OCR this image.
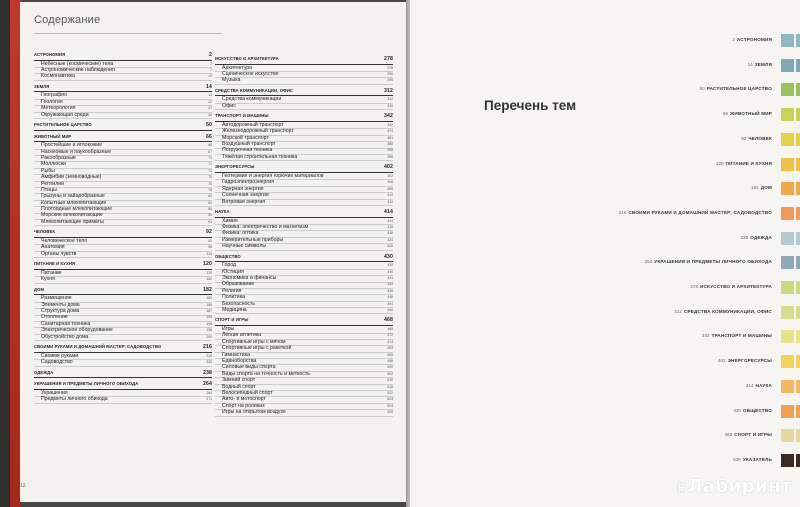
Содержание
АСТРОНОМИЯ	2
Небесные (космические) тела	2
Астрономические наблюдения	7
Космонавтика	10
ЗЕМЛЯ	14
География	14
Геология	22
Метеорология	37
Окружающая среда	46
РАСТИТЕЛЬНОЕ ЦАРСТВО	50
ЖИВОТНЫЙ МИР	66
Простейшие и иглокожие	66
Насекомые и паукообразные	67
Ракообразные	71
Моллюски	72
Рыбы	73
Амфибии (земноводные)	75
Рептилии	76
Птицы	78
Грызуны и зайцеобразные	82
Копытные млекопитающие	84
Плотоядные млекопитающие	86
Морские млекопитающие	90
Млекопитающие приматы	91
ЧЕЛОВЕК	92
Человеческое тело	92
Анатомия	96
Органы чувств	114
ПИТАНИЕ И КУХНЯ	120
Питание	120
Кухня	162
ДОМ	182
Размещение	182
Элементы дома	185
Структура дома	187
Отопление	194
Санитарная техника	196
Электрическое оборудование	198
Обустройство дома	200
СВОИМИ РУКАМИ И ДОМАШНИЙ МАСТЕР; САДОВОДСТВО	216
Своими руками	216
Садоводство	230
ОДЕЖДА	238
УКРАШЕНИЯ И ПРЕДМЕТЫ ЛИЧНОГО ОБИХОДА	264
Украшения	264
Предметы личного обихода	271
ИСКУССТВО И АРХИТЕКТУРА	278
Архитектура	278
Сценическое искусство	290
Музыка	295
СРЕДСТВА КОММУНИКАЦИИ, ОФИС	312
Средства коммуникации	312
Офис	330
ТРАНСПОРТ И МАШИНЫ	342
Автодорожный транспорт	342
Железнодорожный транспорт	374
Морской транспорт	381
Воздушный транспорт	388
Погрузочная техника	395
Тяжёлая строительная техника	398
ЭНЕРГОРЕСУРСЫ	402
Геотермия и энергия горючих материалов	402
Гидроэлектроэнергия	406
Ядерная энергия	408
Солнечная энергия	410
Ветровая энергия	412
НАУКА	414
Химия	414
Физика: электричество и магнетизм	416
Физика: оптика	418
Измерительные приборы	424
Научные символы	426
ОБЩЕСТВО	430
Город	430
Юстиция	440
Экономика и финансы	441
Образование	444
Религия	446
Политика	448
Безопасность	454
Медицина	460
СПОРТ И ИГРЫ	468
Игры	468
Лёгкая атлетика	472
Спортивные игры с мячом	474
Спортивные игры с ракеткой	493
Гимнастика	496
Единоборства	498
Силовые виды спорта	500
Виды спорта на точность и меткость	502
Зимний спорт	510
Водный спорт	516
Велосипедный спорт	522
Авто- и мотоспорт	523
Спорт на роликах	524
Игры на открытом воздухе	526
12
Перечень тем
2 АСТРОНОМИЯ
14 ЗЕМЛЯ
50 РАСТИТЕЛЬНОЕ ЦАРСТВО
66 ЖИВОТНЫЙ МИР
92 ЧЕЛОВЕК
120 ПИТАНИЕ И КУХНЯ
182 ДОМ
216 СВОИМИ РУКАМИ И ДОМАШНИЙ МАСТЕР; САДОВОДСТВО
238 ОДЕЖДА
264 УКРАШЕНИЯ И ПРЕДМЕТЫ ЛИЧНОГО ОБИХОДА
278 ИСКУССТВО И АРХИТЕКТУРА
312 СРЕДСТВА КОММУНИКАЦИИ, ОФИС
342 ТРАНСПОРТ И МАШИНЫ
402 ЭНЕРГОРЕСУРСЫ
414 НАУКА
430 ОБЩЕСТВО
468 СПОРТ И ИГРЫ
538 УКАЗАТЕЛЬ
⩩ Лабиринт
